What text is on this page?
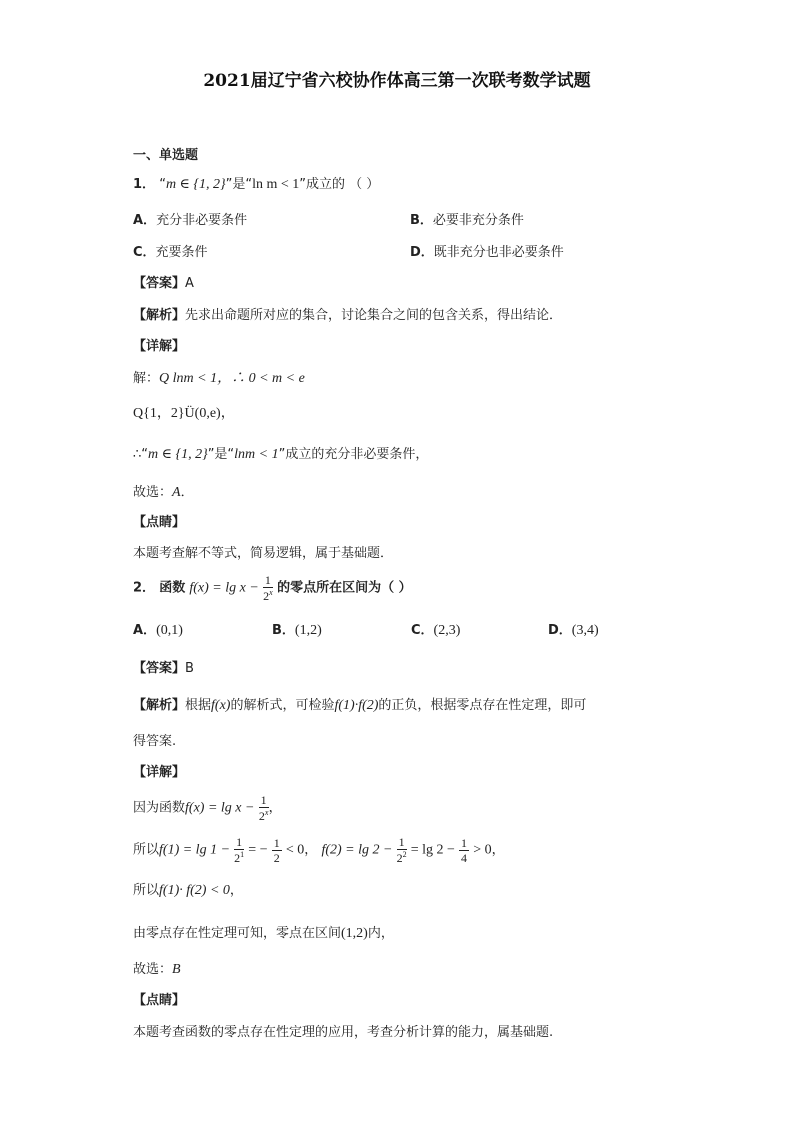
2021届辽宁省六校协作体高三第一次联考数学试题
一、单选题
1． “m ∈ {1, 2}”是“ln m < 1”成立的 （ ）
A．充分非必要条件	B．必要非充分条件
C．充要条件	D．既非充分也非必要条件
【答案】A
【解析】先求出命题所对应的集合，讨论集合之间的包含关系，得出结论．
【详解】
解：Q lnm < 1，∴ 0 < m < e
Q{1，2}Ü(0,e)，
∴“m ∈ {1, 2}”是“lnm < 1”成立的充分非必要条件，
故选：A．
【点睛】
本题考查解不等式，简易逻辑，属于基础题．
2． 函数 $f(x) = \lg x - \frac{1}{2^x}$ 的零点所在区间为（ ）
A．(0,1)	B．(1,2)	C．(2,3)	D．(3,4)
【答案】B
【解析】根据f(x)的解析式，可检验f(1)·f(2)的正负，根据零点存在性定理，即可
得答案.
【详解】
因为函数$f(x) = \lg x - \frac{1}{2^x}$ ，
所以$f(1) = \lg 1 - \frac{1}{2^1}$ = − $\frac{1}{2} < 0$， $f(2) = \lg 2 - \frac{1}{2^2} = \lg 2 - \frac{1}{4} > 0$，
所以f(1)· f(2) < 0，
由零点存在性定理可知，零点在区间(1,2)内，
故选：B
【点睛】
本题考查函数的零点存在性定理的应用，考查分析计算的能力，属基础题.
